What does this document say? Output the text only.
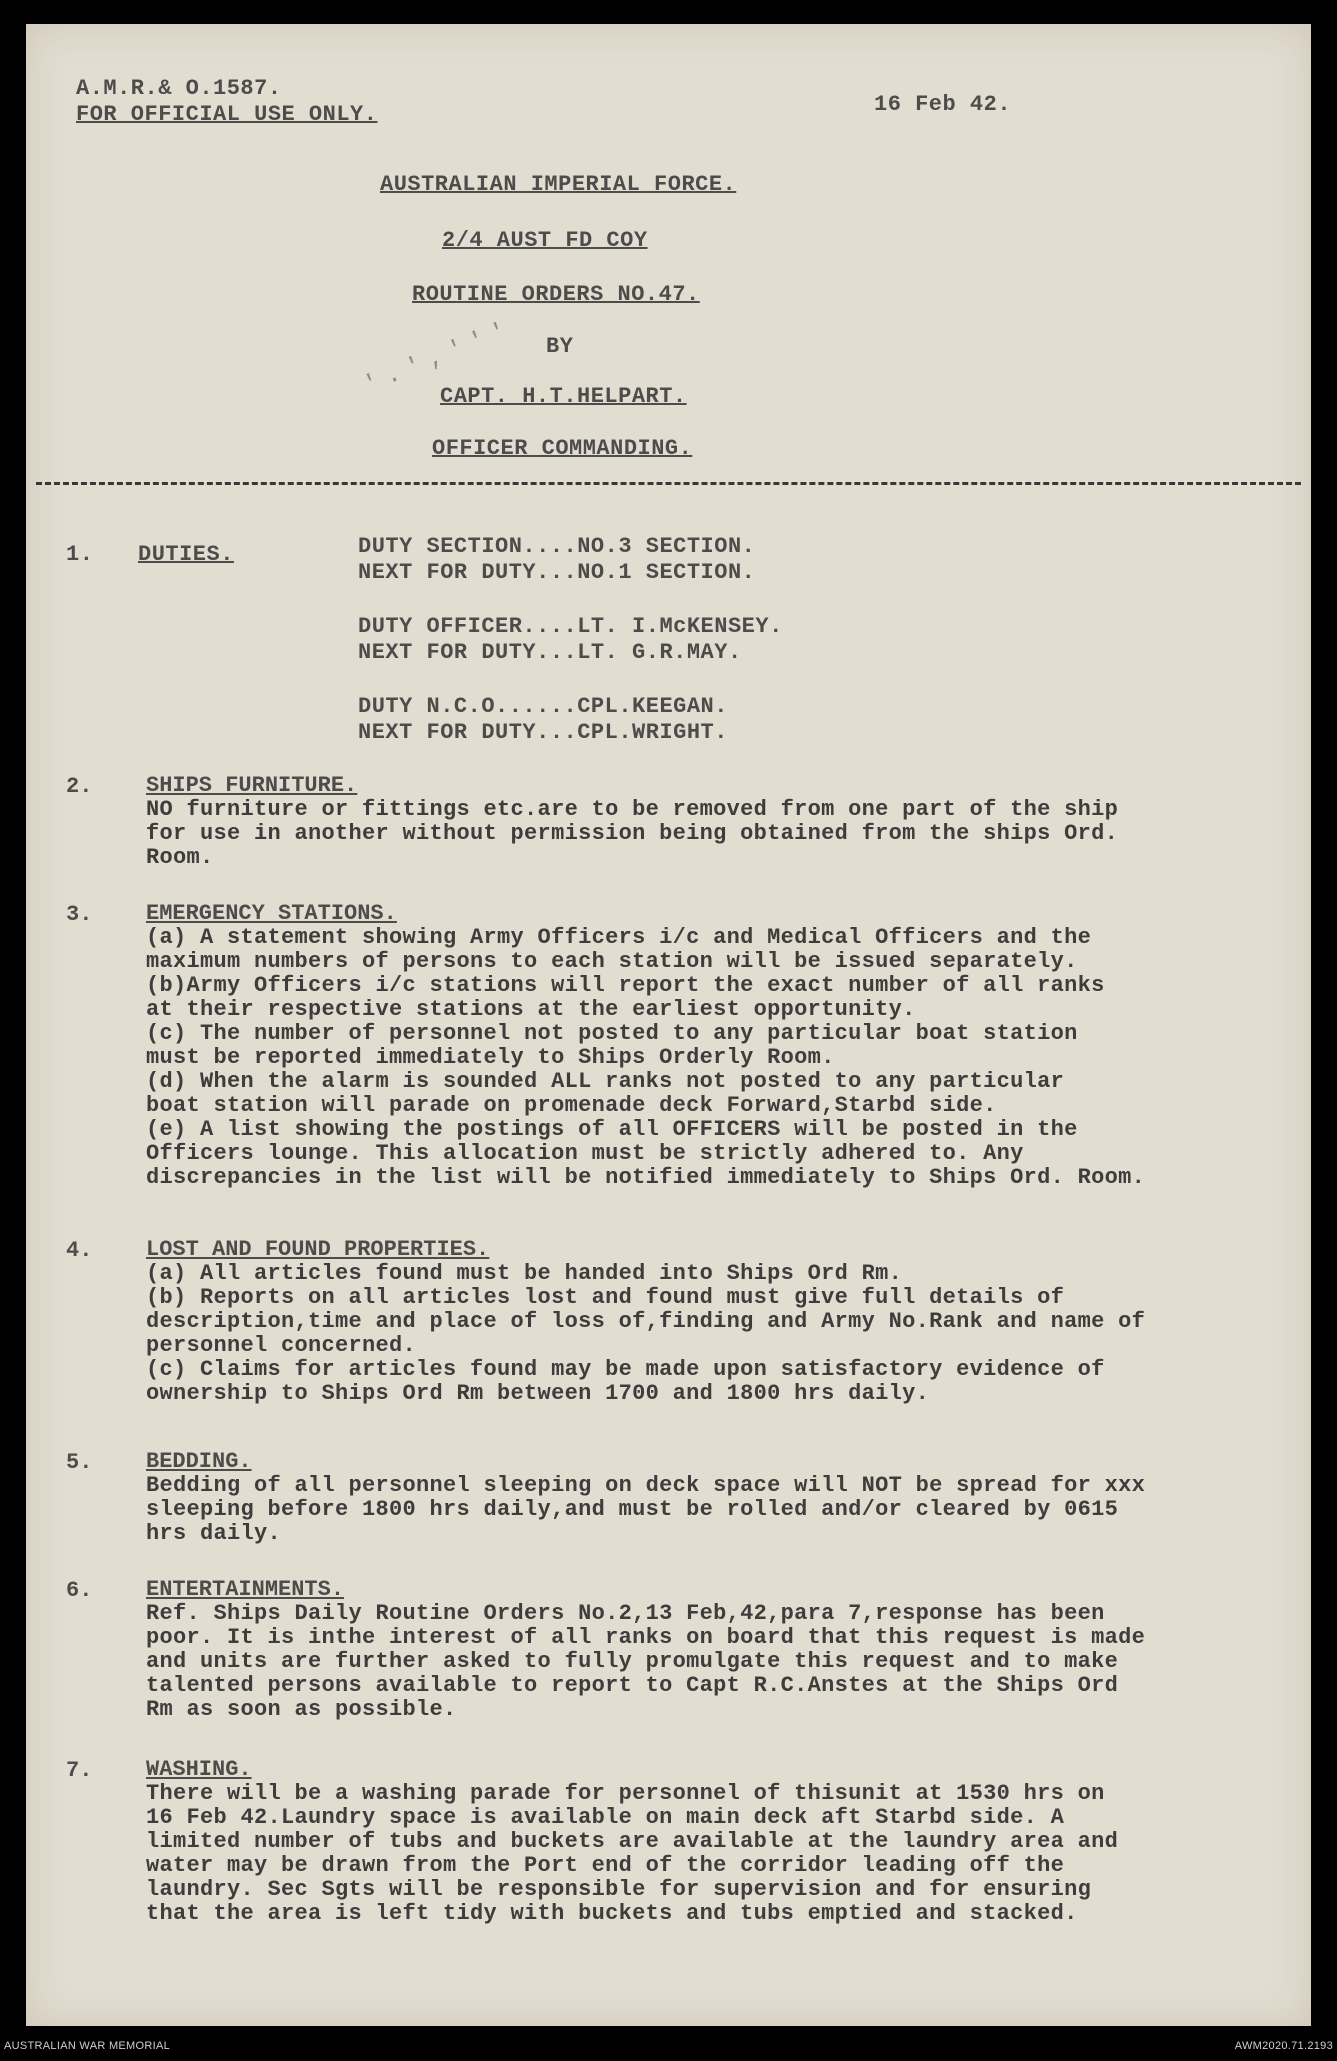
A.M.R.& O.1587.
FOR OFFICIAL USE ONLY.	16 Feb 42.
AUSTRALIAN IMPERIAL FORCE.
2/4 AUST FD COY
ROUTINE ORDERS NO.47.
BY
CAPT. H.T.HELPART.
OFFICER COMMANDING.
' . ' , ' ' '
1. DUTIES.	DUTY SECTION....NO.3 SECTION.
NEXT FOR DUTY...NO.1 SECTION.
DUTY OFFICER....LT. I.McKENSEY.
NEXT FOR DUTY...LT. G.R.MAY.
DUTY N.C.O......CPL.KEEGAN.
NEXT FOR DUTY...CPL.WRIGHT.
2. SHIPS FURNITURE.
NO furniture or fittings etc.are to be removed from one part of the ship
for use in another without permission being obtained from the ships Ord.
Room.
3. EMERGENCY STATIONS.
(a) A statement showing Army Officers i/c and Medical Officers and the
maximum numbers of persons to each station will be issued separately.
(b)Army Officers i/c stations will report the exact number of all ranks
at their respective stations at the earliest opportunity.
(c) The number of personnel not posted to any particular boat station
must be reported immediately to Ships Orderly Room.
(d) When the alarm is sounded ALL ranks not posted to any particular
boat station will parade on promenade deck Forward,Starbd side.
(e) A list showing the postings of all OFFICERS will be posted in the
Officers lounge. This allocation must be strictly adhered to. Any
discrepancies in the list will be notified immediately to Ships Ord. Room.
4. LOST AND FOUND PROPERTIES.
(a) All articles found must be handed into Ships Ord Rm.
(b) Reports on all articles lost and found must give full details of
description,time and place of loss of,finding and Army No.Rank and name of
personnel concerned.
(c) Claims for articles found may be made upon satisfactory evidence of
ownership to Ships Ord Rm between 1700 and 1800 hrs daily.
5. BEDDING.
Bedding of all personnel sleeping on deck space will NOT be spread for xxx
sleeping before 1800 hrs daily,and must be rolled and/or cleared by 0615
hrs daily.
6. ENTERTAINMENTS.
Ref. Ships Daily Routine Orders No.2,13 Feb,42,para 7,response has been
poor. It is inthe interest of all ranks on board that this request is made
and units are further asked to fully promulgate this request and to make
talented persons available to report to Capt R.C.Anstes at the Ships Ord
Rm as soon as possible.
7. WASHING.
There will be a washing parade for personnel of thisunit at 1530 hrs on
16 Feb 42.Laundry space is available on main deck aft Starbd side. A
limited number of tubs and buckets are available at the laundry area and
water may be drawn from the Port end of the corridor leading off the
laundry. Sec Sgts will be responsible for supervision and for ensuring
that the area is left tidy with buckets and tubs emptied and stacked.
AUSTRALIAN WAR MEMORIAL	AWM2020.71.2193
